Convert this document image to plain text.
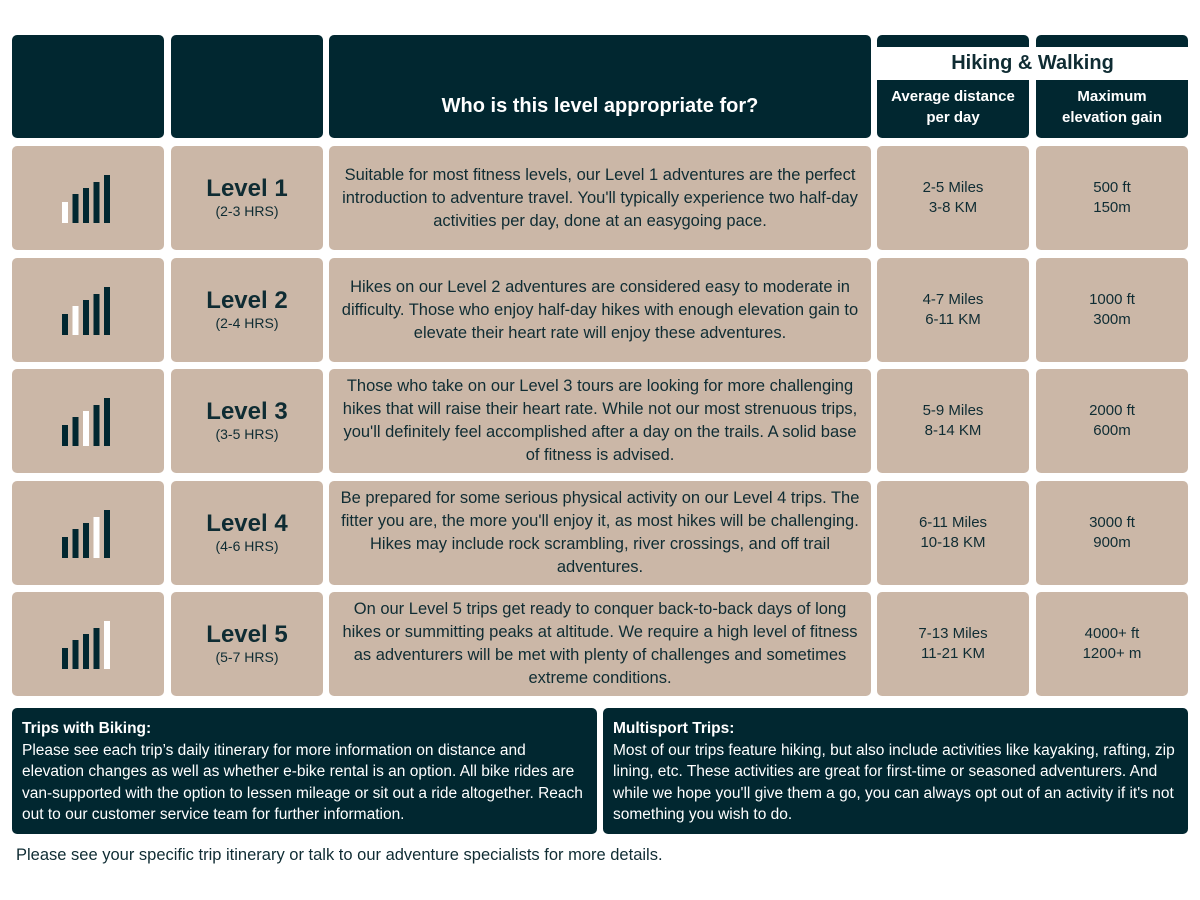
Who is this level appropriate for?	Average distance per day
Maximum elevation gain
Hiking & Walking
Level 1
(2-3 HRS)
Suitable for most fitness levels, our Level 1 adventures are the perfect introduction to adventure travel. You'll typically experience two half-day activities per day, done at an easygoing pace.
2-5 Miles
3-8 KM
500 ft
150m
Level 2
(2-4 HRS)
Hikes on our Level 2 adventures are considered easy to moderate in difficulty. Those who enjoy half-day hikes with enough elevation gain to elevate their heart rate will enjoy these adventures.
4-7 Miles
6-11 KM
1000 ft
300m
Level 3
(3-5 HRS)
Those who take on our Level 3 tours are looking for more challenging hikes that will raise their heart rate. While not our most strenuous trips, you'll definitely feel accomplished after a day on the trails. A solid base of fitness is advised.
5-9 Miles
8-14 KM
2000 ft
600m
Level 4
(4-6 HRS)
Be prepared for some serious physical activity on our Level 4 trips. The fitter you are, the more you'll enjoy it, as most hikes will be challenging. Hikes may include rock scrambling, river crossings, and off trail adventures.
6-11 Miles
10-18 KM
3000 ft
900m
Level 5
(5-7 HRS)
On our Level 5 trips get ready to conquer back-to-back days of long hikes or summitting peaks at altitude. We require a high level of fitness as adventurers will be met with plenty of challenges and sometimes extreme conditions.
7-13 Miles
11-21 KM
4000+ ft
1200+ m
Trips with Biking:
Please see each trip’s daily itinerary for more information on distance and elevation changes as well as whether e-bike rental is an option. All bike rides are van-supported with the option to lessen mileage or sit out a ride altogether. Reach out to our customer service team for further information.
Multisport Trips:
Most of our trips feature hiking, but also include activities like kayaking, rafting, zip lining, etc. These activities are great for first-time or seasoned adventurers. And while we hope you'll give them a go, you can always opt out of an activity if it's not something you wish to do.
Please see your specific trip itinerary or talk to our adventure specialists for more details.
